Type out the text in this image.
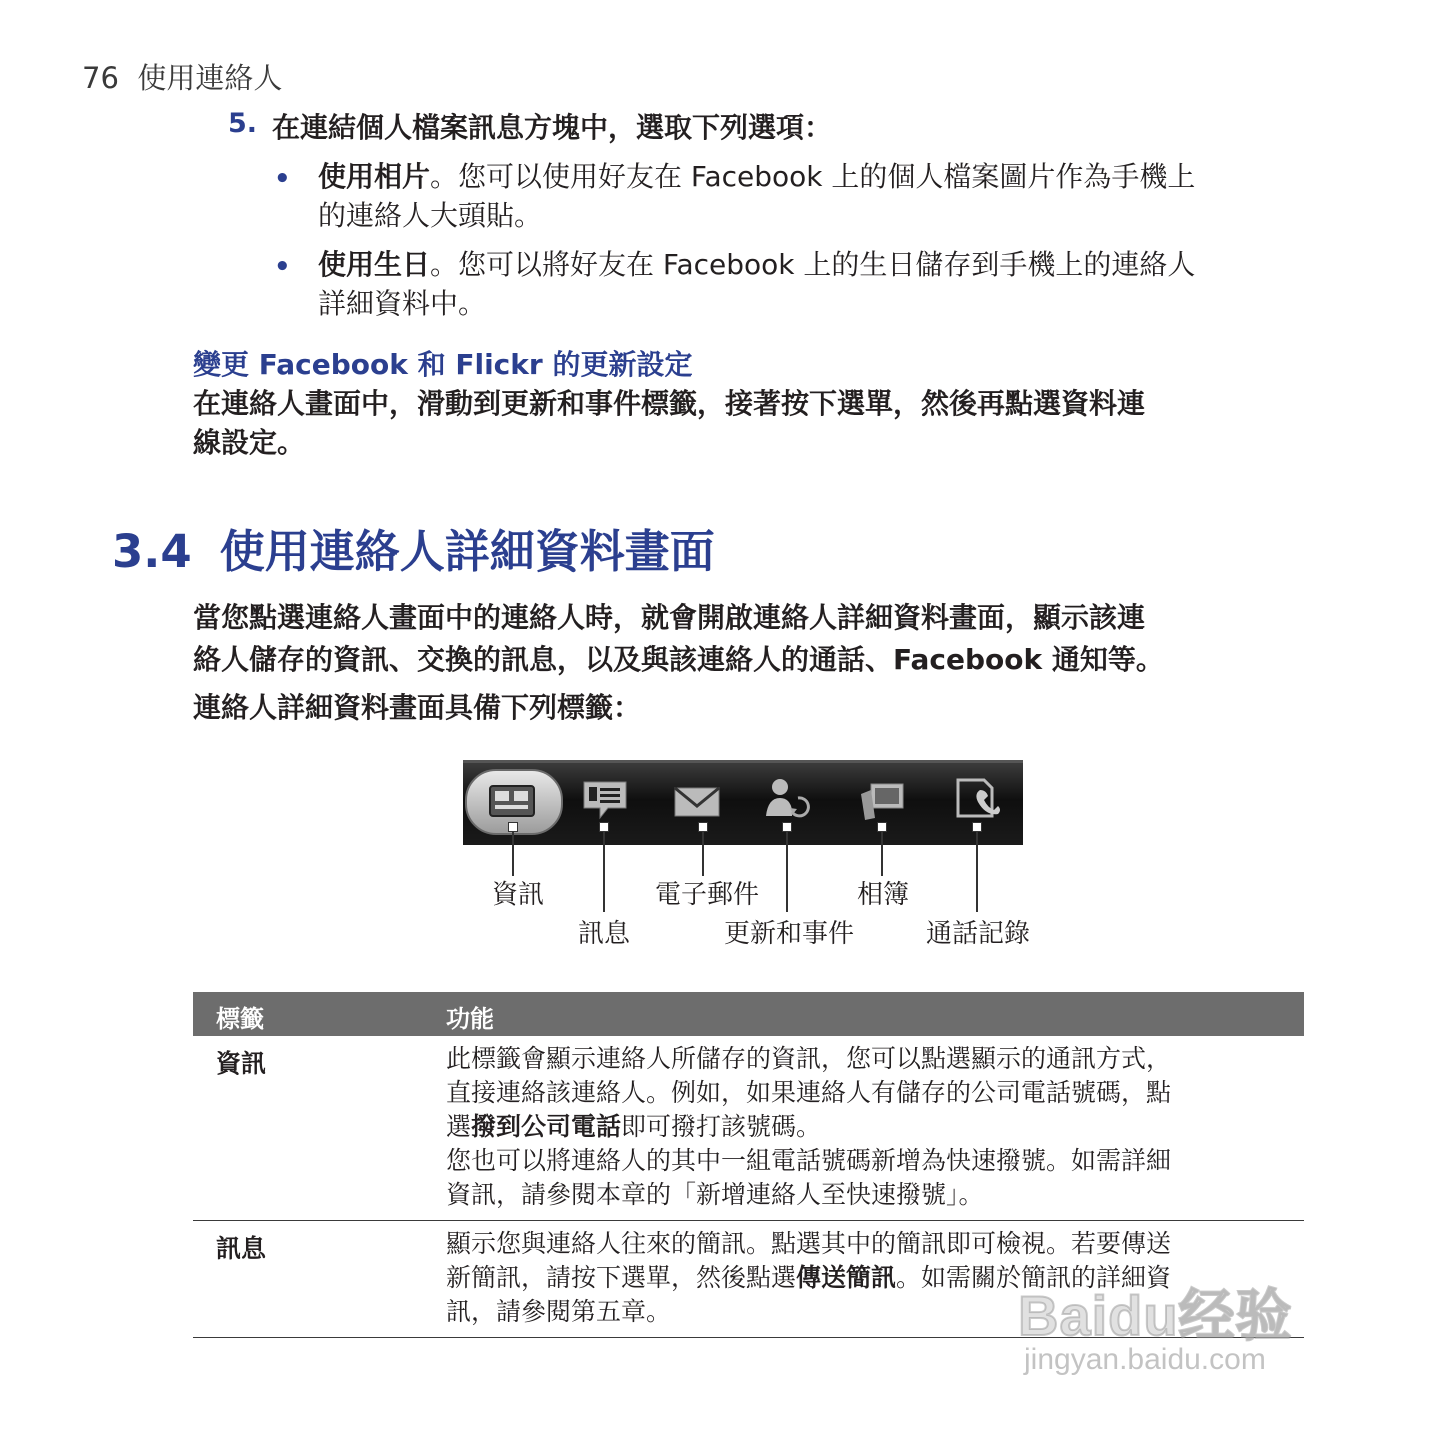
76 使用連絡人
5. 在連結個人檔案訊息方塊中，選取下列選項：
• 使用相片。您可以使用好友在 Facebook 上的個人檔案圖片作為手機上
的連絡人大頭貼。
• 使用生日。您可以將好友在 Facebook 上的生日儲存到手機上的連絡人
詳細資料中。
變更 Facebook 和 Flickr 的更新設定
在連絡人畫面中，滑動到更新和事件標籤，接著按下選單，然後再點選資料連
線設定。
3.4 使用連絡人詳細資料畫面
當您點選連絡人畫面中的連絡人時，就會開啟連絡人詳細資料畫面，顯示該連
絡人儲存的資訊、交換的訊息，以及與該連絡人的通話、Facebook 通知等。
連絡人詳細資料畫面具備下列標籤：
資訊
訊息
電子郵件
更新和事件
相簿
通話記錄
標籤	功能
資訊	此標籤會顯示連絡人所儲存的資訊，您可以點選顯示的通訊方式，

直接連絡該連絡人。例如，如果連絡人有儲存的公司電話號碼，點

選撥到公司電話即可撥打該號碼。

您也可以將連絡人的其中一組電話號碼新增為快速撥號。如需詳細

資訊，請參閱本章的「新增連絡人至快速撥號」。

訊息	顯示您與連絡人往來的簡訊。點選其中的簡訊即可檢視。若要傳送

新簡訊，請按下選單，然後點選傳送簡訊。如需關於簡訊的詳細資

訊，請參閱第五章。	Baidu经验
jingyan.baidu.com
